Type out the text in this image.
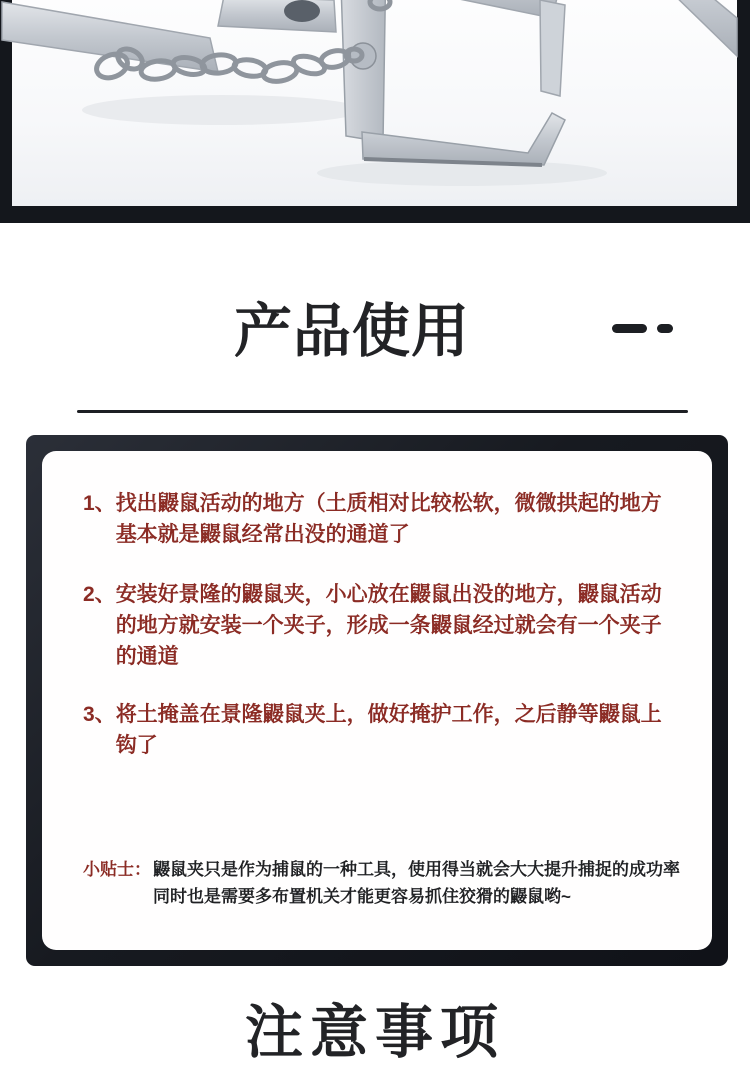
产品使用
1、 找出鼹鼠活动的地方（土质相对比较松软，微微拱起的地方
基本就是鼹鼠经常出没的通道了
2、 安装好景隆的鼹鼠夹，小心放在鼹鼠出没的地方，鼹鼠活动
的地方就安装一个夹子，形成一条鼹鼠经过就会有一个夹子
的通道
3、 将土掩盖在景隆鼹鼠夹上，做好掩护工作，之后静等鼹鼠上
钩了
小贴士： 鼹鼠夹只是作为捕鼠的一种工具，使用得当就会大大提升捕捉的成功率
同时也是需要多布置机关才能更容易抓住狡猾的鼹鼠哟~
注意事项
